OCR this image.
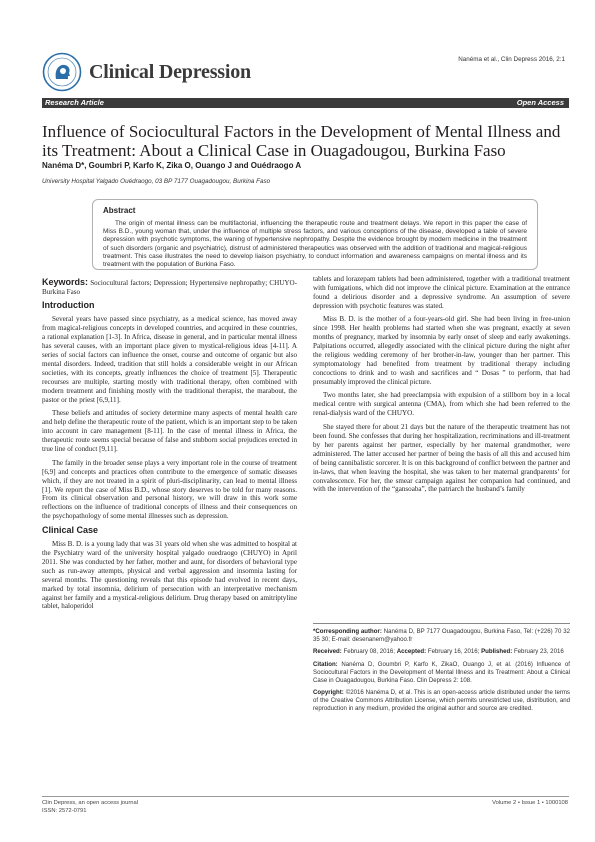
Clinical Depression
Nanéma et al., Clin Depress 2016, 2:1
Research Article	Open Access
Influence of Sociocultural Factors in the Development of Mental Illness and its Treatment: About a Clinical Case in Ouagadougou, Burkina Faso
Nanéma D*, Goumbri P, Karfo K, Zika O, Ouango J and Ouédraogo A
University Hospital Yalgado Ouédraogo, 03 BP 7177 Ouagadougou, Burkina Faso
Abstract

The origin of mental illness can be multifactorial, influencing the therapeutic route and treatment delays. We report in this paper the case of Miss B.D., young woman that, under the influence of multiple stress factors, and various conceptions of the disease, developed a table of severe depression with psychotic symptoms, the waning of hypertensive nephropathy. Despite the evidence brought by modern medicine in the treatment of such disorders (organic and psychiatric), distrust of administered therapeutics was observed with the addition of traditional and magical-religious treatment. This case illustrates the need to develop liaison psychiatry, to conduct information and awareness campaigns on mental illness and its treatment with the population of Burkina Faso.

Keywords: Sociocultural factors; Depression; Hypertensive nephropathy; CHUYO- Burkina Faso

Introduction

Several years have passed since psychiatry, as a medical science, has moved away from magical-religious concepts in developed countries, and acquired in these countries, a rational explanation [1-3]. In Africa, disease in general, and in particular mental illness has several causes, with an important place given to mystical-religious ideas [4-11]. A series of social factors can influence the onset, course and outcome of organic but also mental disorders. Indeed, tradition that still holds a considerable weight in our African societies, with its concepts, greatly influences the choice of treatment [5]. Therapeutic recourses are multiple, starting mostly with traditional therapy, often combined with modern treatment and finishing mostly with the traditional therapist, the marabout, the pastor or the priest [6,9,11].

These beliefs and attitudes of society determine many aspects of mental health care and help define the therapeutic route of the patient, which is an important step to be taken into account in care management [8-11]. In the case of mental illness in Africa, the therapeutic route seems special because of false and stubborn social prejudices erected in true line of conduct [9,11].

The family in the broader sense plays a very important role in the course of treatment [6,9] and concepts and practices often contribute to the emergence of somatic diseases which, if they are not treated in a spirit of pluri-disciplinarity, can lead to mental illness [1]. We report the case of Miss B.D., whose story deserves to be told for many reasons. From its clinical observation and personal history, we will draw in this work some reflections on the influence of traditional concepts of illness and their consequences on the psychopathology of some mental illnesses such as depression.

Clinical Case

Miss B. D. is a young lady that was 31 years old when she was admitted to hospital at the Psychiatry ward of the university hospital yalgado ouedraogo (CHUYO) in April 2011. She was conducted by her father, mother and aunt, for disorders of behavioral type such as run-away attempts, physical and verbal aggression and insomnia lasting for several months. The questioning reveals that this episode had evolved in recent days, marked by total insomnia, delirium of persecution with an interpretative mechanism against her family and a mystical-religious delirium. Drug therapy based on amitriptyline tablet, haloperidol

tablets and lorazepam tablets had been administered, together with a traditional treatment with fumigations, which did not improve the clinical picture. Examination at the entrance found a delirious disorder and a depressive syndrome. An assumption of severe depression with psychotic features was stated.

Miss B. D. is the mother of a four-years-old girl. She had been living in free-union since 1998. Her health problems had started when she was pregnant, exactly at seven months of pregnancy, marked by insomnia by early onset of sleep and early awakenings. Palpitations occurred, allegedly associated with the clinical picture during the night after the religious wedding ceremony of her brother-in-law, younger than her partner. This symptomatology had benefited from treatment by traditional therapy including concoctions to drink and to wash and sacrifices and “ Dosas ” to perform, that had presumably improved the clinical picture.

Two months later, she had preeclampsia with expulsion of a stillborn boy in a local medical centre with surgical antenna (CMA), from which she had been referred to the renal-dialysis ward of the CHUYO.

She stayed there for about 21 days but the nature of the therapeutic treatment has not been found. She confesses that during her hospitalization, recriminations and ill-treatment by her parents against her partner, especially by her maternal grandmother, were administered. The latter accused her partner of being the basis of all this and accused him of being cannibalistic sorcerer. It is on this background of conflict between the partner and in-laws, that when leaving the hospital, she was taken to her maternal grandparents’ for convalescence. For her, the smear campaign against her companion had continued, and with the intervention of the “gansoaba”, the patriarch the husband’s family

*Corresponding author: Nanéma D, BP 7177 Ouagadougou, Burkina Faso, Tel: (+226) 70 32 35 30; E-mail: desenanem@yahoo.fr

Received: February 08, 2016; Accepted: February 16, 2016; Published: February 23, 2016

Citation: Nanéma D, Goumbri P, Karfo K, ZikaO, Ouango J, et al. (2016) Influence of Sociocultural Factors in the Development of Mental Illness and its Treatment: About a Clinical Case in Ouagadougou, Burkina Faso. Clin Depress 2: 108.

Copyright: ©2016 Nanéma D, et al. This is an open-access article distributed under the terms of the Creative Commons Attribution License, which permits unrestricted use, distribution, and reproduction in any medium, provided the original author and source are credited.

Clin Depress, an open access journal
ISSN: 2572-0791
Volume 2 • Issue 1 • 1000108
